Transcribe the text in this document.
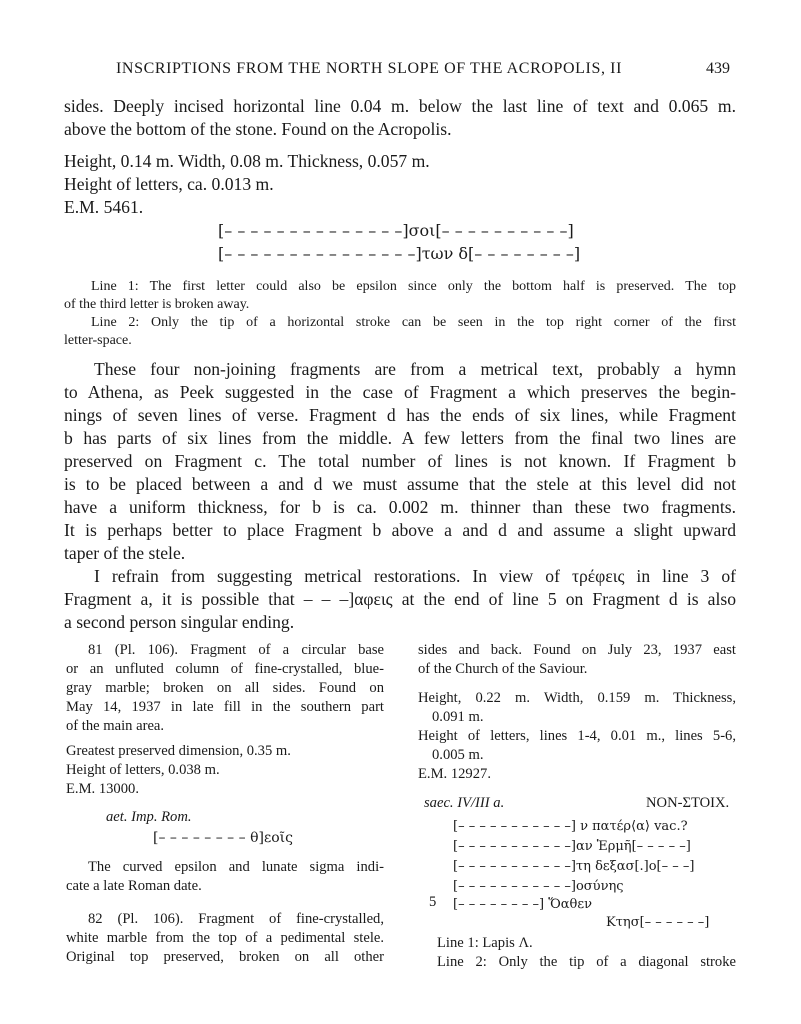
INSCRIPTIONS FROM THE NORTH SLOPE OF THE ACROPOLIS, II	439
sides. Deeply incised horizontal line 0.04 m. below the last line of text and 0.065 m.
above the bottom of the stone. Found on the Acropolis.
Height, 0.14 m. Width, 0.08 m. Thickness, 0.057 m.
Height of letters, ca. 0.013 m.
E.M. 5461.
[– – – – – – – – – – – – – –]σοι[– – – – – – – – – –]
[– – – – – – – – – – – – – – –]των δ[– – – – – – – –]
Line 1: The first letter could also be epsilon since only the bottom half is preserved. The top
of the third letter is broken away.
Line 2: Only the tip of a horizontal stroke can be seen in the top right corner of the first
letter-space.
These four non-joining fragments are from a metrical text, probably a hymn
to Athena, as Peek suggested in the case of Fragment a which preserves the begin-
nings of seven lines of verse. Fragment d has the ends of six lines, while Fragment
b has parts of six lines from the middle. A few letters from the final two lines are
preserved on Fragment c. The total number of lines is not known. If Fragment b
is to be placed between a and d we must assume that the stele at this level did not
have a uniform thickness, for b is ca. 0.002 m. thinner than these two fragments.
It is perhaps better to place Fragment b above a and d and assume a slight upward
taper of the stele.
I refrain from suggesting metrical restorations. In view of τρέφεις in line 3 of
Fragment a, it is possible that – – –]αφεις at the end of line 5 on Fragment d is also
a second person singular ending.
81 (Pl. 106). Fragment of a circular base
or an unfluted column of fine-crystalled, blue-
gray marble; broken on all sides. Found on
May 14, 1937 in late fill in the southern part
of the main area.
Greatest preserved dimension, 0.35 m.
Height of letters, 0.038 m.
E.M. 13000.
aet. Imp. Rom.
[– – – – – – – – θ]εοῖς
The curved epsilon and lunate sigma indi-
cate a late Roman date.
82 (Pl. 106). Fragment of fine-crystalled,
white marble from the top of a pedimental stele.
Original top preserved, broken on all other
sides and back. Found on July 23, 1937 east
of the Church of the Saviour.
Height, 0.22 m. Width, 0.159 m. Thickness,
0.091 m.
Height of letters, lines 1-4, 0.01 m., lines 5-6,
0.005 m.
E.M. 12927.
saec. IV/III a.	NON-ΣΤΟΙΧ.
[– – – – – – – – – – –] ν πατέρ⟨α⟩ vac.?
[– – – – – – – – – – –]αν Ἑρμῆ[– – – – –]
[– – – – – – – – – – –]τη δεξασ[.]ο[– – –]
[– – – – – – – – – – –]οσύνης
5 [– – – – – – – –] Ὅαθεν
Κτησ[– – – – – –]
Line 1: Lapis Λ.
Line 2: Only the tip of a diagonal stroke
